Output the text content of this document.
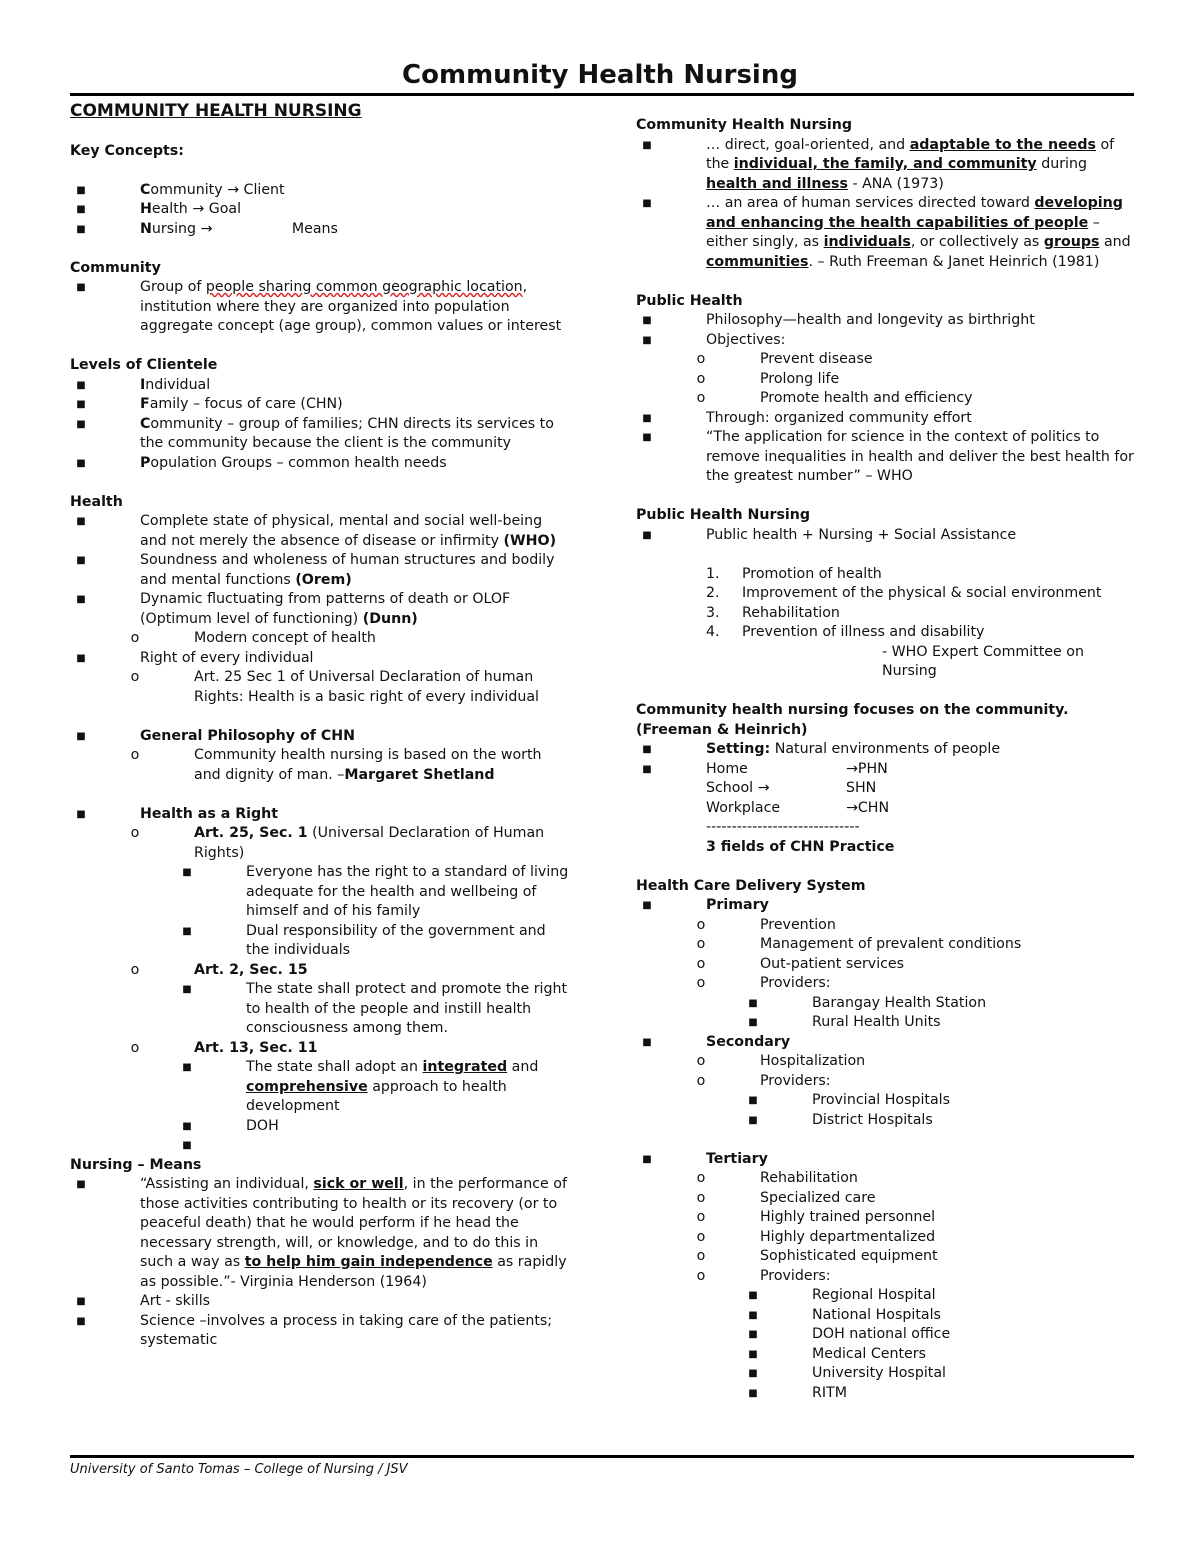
Community Health Nursing

COMMUNITY HEALTH NURSING

Key Concepts:

■	Community → Client
■	Health → Goal
■	Nursing →	Means

Community

■	Group of people sharing common geographic location, institution where they are organized into population aggregate concept (age group), common values or interest

Levels of Clientele

■	Individual
■	Family – focus of care (CHN)
■	Community – group of families; CHN directs its services to the community because the client is the community
■	Population Groups – common health needs

Health

■	Complete state of physical, mental and social well-being and not merely the absence of disease or infirmity (WHO)
■	Soundness and wholeness of human structures and bodily and mental functions (Orem)
■	Dynamic fluctuating from patterns of death or OLOF (Optimum level of functioning) (Dunn)
o	Modern concept of health
■	Right of every individual
o	Art. 25 Sec 1 of Universal Declaration of human Rights: Health is a basic right of every individual
■	General Philosophy of CHN
o	Community health nursing is based on the worth and dignity of man. –Margaret Shetland
■	Health as a Right
o	Art. 25, Sec. 1 (Universal Declaration of Human Rights)
■	Everyone has the right to a standard of living adequate for the health and wellbeing of himself and of his family
■	Dual responsibility of the government and the individuals
o	Art. 2, Sec. 15
■	The state shall protect and promote the right to health of the people and instill health consciousness among them.
o	Art. 13, Sec. 11
■	The state shall adopt an integrated and comprehensive approach to health development
■	DOH
■

Nursing – Means

■	“Assisting an individual, sick or well, in the performance of those activities contributing to health or its recovery (or to peaceful death) that he would perform if he head the necessary strength, will, or knowledge, and to do this in such a way as to help him gain independence as rapidly as possible.”- Virginia Henderson (1964)
■	Art - skills
■	Science –involves a process in taking care of the patients; systematic

Community Health Nursing

■	… direct, goal-oriented, and adaptable to the needs of the individual, the family, and community during health and illness - ANA (1973)
■	… an area of human services directed toward developing and enhancing the health capabilities of people – either singly, as individuals, or collectively as groups and communities. – Ruth Freeman & Janet Heinrich (1981)

Public Health

■	Philosophy—health and longevity as birthright
■	Objectives:
o	Prevent disease
o	Prolong life
o	Promote health and efficiency
■	Through: organized community effort
■	“The application for science in the context of politics to remove inequalities in health and deliver the best health for the greatest number” – WHO

Public Health Nursing

■	Public health + Nursing + Social Assistance
1. Promotion of health
2. Improvement of the physical & social environment
3. Rehabilitation
4. Prevention of illness and disability

- WHO Expert Committee on Nursing

Community health nursing focuses on the community. (Freeman & Heinrich)

■	Setting: Natural environments of people
■	Home	→PHN

School →	SHN

Workplace	→CHN

------------------------------

3 fields of CHN Practice

Health Care Delivery System

■	Primary
o	Prevention
o	Management of prevalent conditions
o	Out-patient services
o	Providers:
■	Barangay Health Station
■	Rural Health Units
■	Secondary
o	Hospitalization
o	Providers:
■	Provincial Hospitals
■	District Hospitals
■	Tertiary
o	Rehabilitation
o	Specialized care
o	Highly trained personnel
o	Highly departmentalized
o	Sophisticated equipment
o	Providers:
■	Regional Hospital
■	National Hospitals
■	DOH national office
■	Medical Centers
■	University Hospital
■	RITM

University of Santo Tomas – College of Nursing / JSV
